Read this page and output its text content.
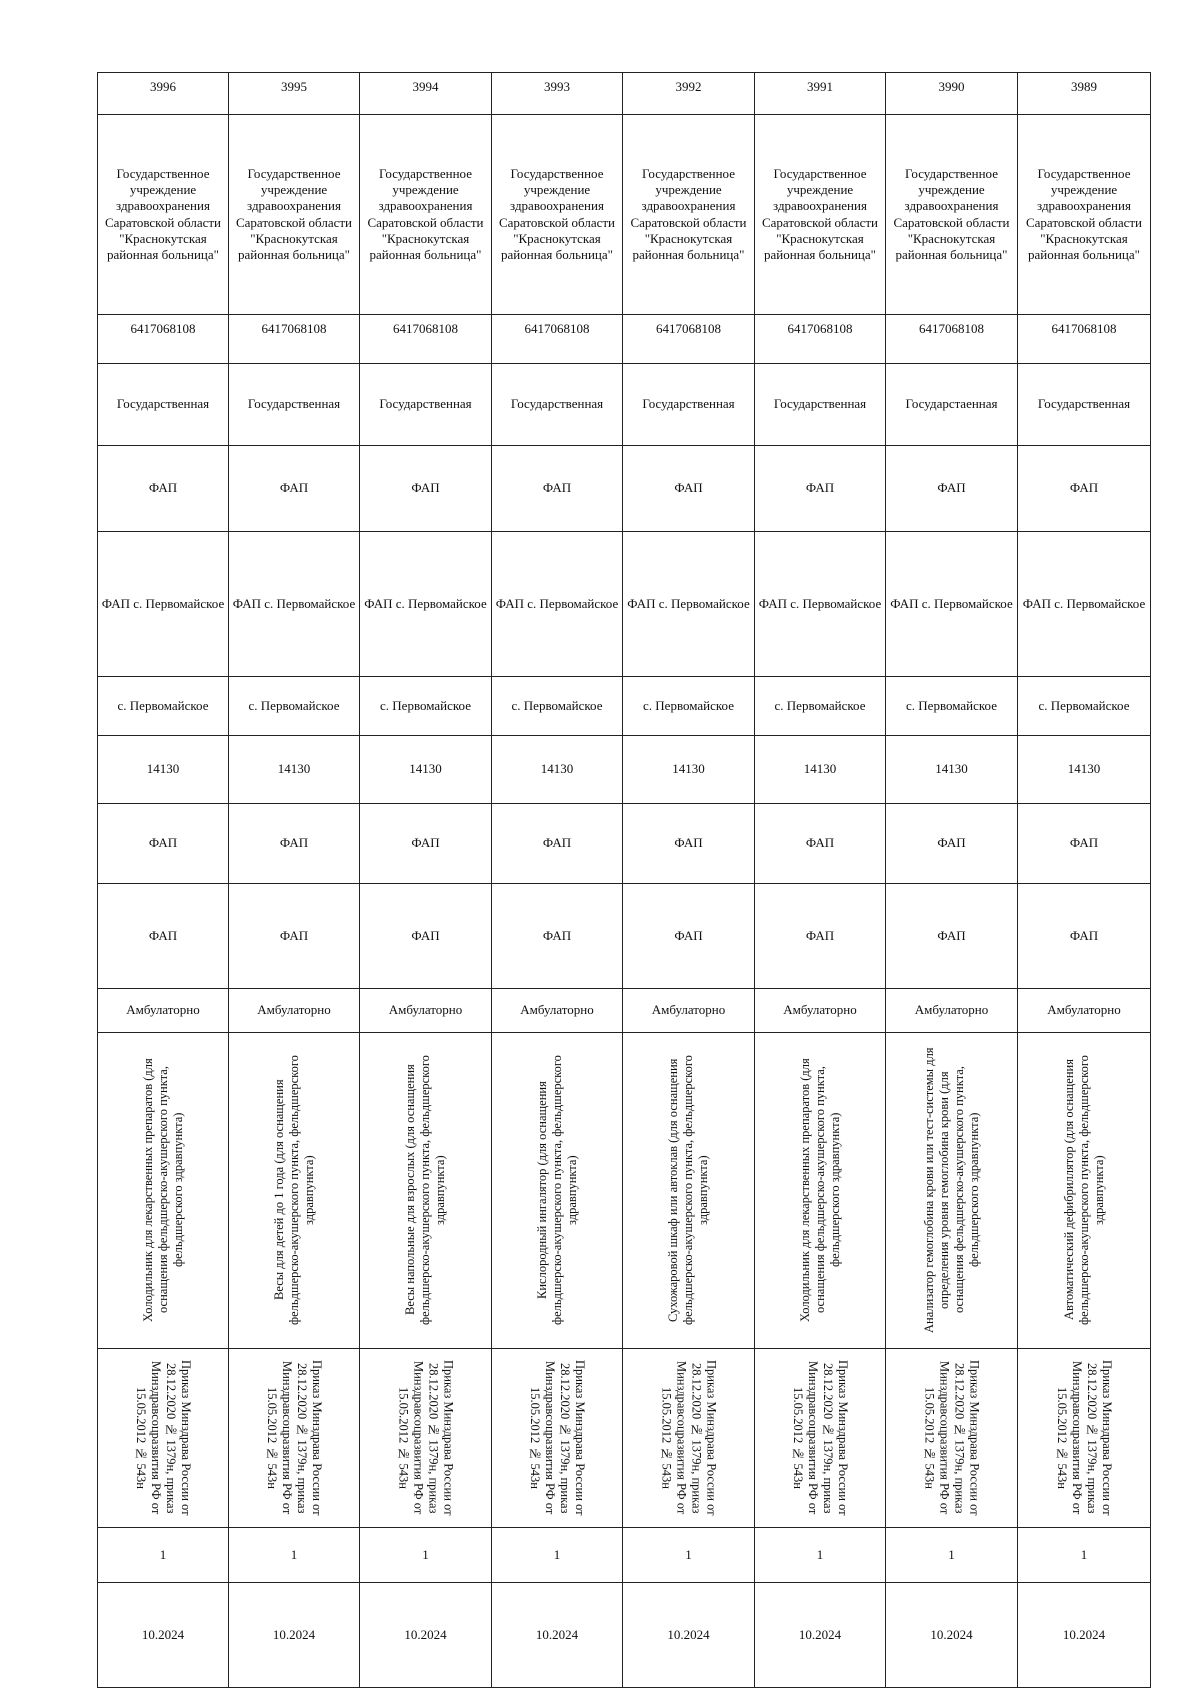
3996	3995	3994	3993	3992	3991	3990	3989
Государственное учреждение здравоохранения Саратовской области "Краснокутская районная больница"	Государственное учреждение здравоохранения Саратовской области "Краснокутская районная больница"	Государственное учреждение здравоохранения Саратовской области "Краснокутская районная больница"	Государственное учреждение здравоохранения Саратовской области "Краснокутская районная больница"	Государственное учреждение здравоохранения Саратовской области "Краснокутская районная больница"	Государственное учреждение здравоохранения Саратовской области "Краснокутская районная больница"	Государственное учреждение здравоохранения Саратовской области "Краснокутская районная больница"	Государственное учреждение здравоохранения Саратовской области "Краснокутская районная больница"
6417068108	6417068108	6417068108	6417068108	6417068108	6417068108	6417068108	6417068108
Государственная	Государственная	Государственная	Государственная	Государственная	Государственная	Государстaенная	Государственная
ФАП	ФАП	ФАП	ФАП	ФАП	ФАП	ФАП	ФАП
ФАП с. Первомайское	ФАП с. Первомайское	ФАП с. Первомайское	ФАП с. Первомайское	ФАП с. Первомайское	ФАП с. Первомайское	ФАП с. Первомайское	ФАП с. Первомайское
с. Первомайское	с. Первомайское	с. Первомайское	с. Первомайское	с. Первомайское	с. Первомайское	с. Первомайское	с. Первомайское
14130	14130	14130	14130	14130	14130	14130	14130
ФАП	ФАП	ФАП	ФАП	ФАП	ФАП	ФАП	ФАП
ФАП	ФАП	ФАП	ФАП	ФАП	ФАП	ФАП	ФАП
Амбулаторно	Амбулаторно	Амбулаторно	Амбулаторно	Амбулаторно	Амбулаторно	Амбулаторно	Амбулаторно

Холодильник для лекарственных препаратов (для оснащения фельдшерско-акушерского пункта, фельдшерского здравпункта)	Весы для детей до 1 года (для оснащения фельдшерско-акушерского пункта, фельдшерского здравпункта)	Весы напольные для взрослых (для оснащения фельдшерско-акушерского пункта, фельдшерского здравпункта)	Кислородный ингалятор (для оснащения фельдшерско-акушерского пункта, фельдшерского здравпункта)	Сухожаровой шкаф или автоклав (для оснащения фельдшерско-акушерского пункта, фельдшерского здравпункта)	Холодильник для лекарственных препаратов (для оснащения фельдшерско-акушерского пункта, фельдшерского здравпункта)	Анализатор гемоглобина крови или тест-системы для определения уровня гемоглобина крови (для оснащения фельдшерско-акушерского пункта, фельдшерского здравпункта)	Автоматический дефибриллятор (для оснащения фельдшерско-акушерского пункта, фельдшерского здравпункта)

Приказ Минздрава России от 28.12.2020 № 1379н, приказ Минздравсоцразвития РФ от 15.05.2012 № 543н	Приказ Минздрава России от 28.12.2020 № 1379н, приказ Минздравсоцразвития РФ от 15.05.2012 № 543н	Приказ Минздрава России от 28.12.2020 № 1379н, приказ Минздравсоцразвития РФ от 15.05.2012 № 543н	Приказ Минздрава России от 28.12.2020 № 1379н, приказ Минздравсоцразвития РФ от 15.05.2012 № 543н	Приказ Минздрава России от 28.12.2020 № 1379н, приказ Минздравсоцразвития РФ от 15.05.2012 № 543н	Приказ Минздрава России от 28.12.2020 № 1379н, приказ Минздравсоцразвития РФ от 15.05.2012 № 543н	Приказ Минздрава России от 28.12.2020 № 1379н, приказ Минздравсоцразвития РФ от 15.05.2012 № 543н	Приказ Минздрава России от 28.12.2020 № 1379н, приказ Минздравсоцразвития РФ от 15.05.2012 № 543н

1	1	1	1	1	1	1	1
10.2024	10.2024	10.2024	10.2024	10.2024	10.2024	10.2024	10.2024
